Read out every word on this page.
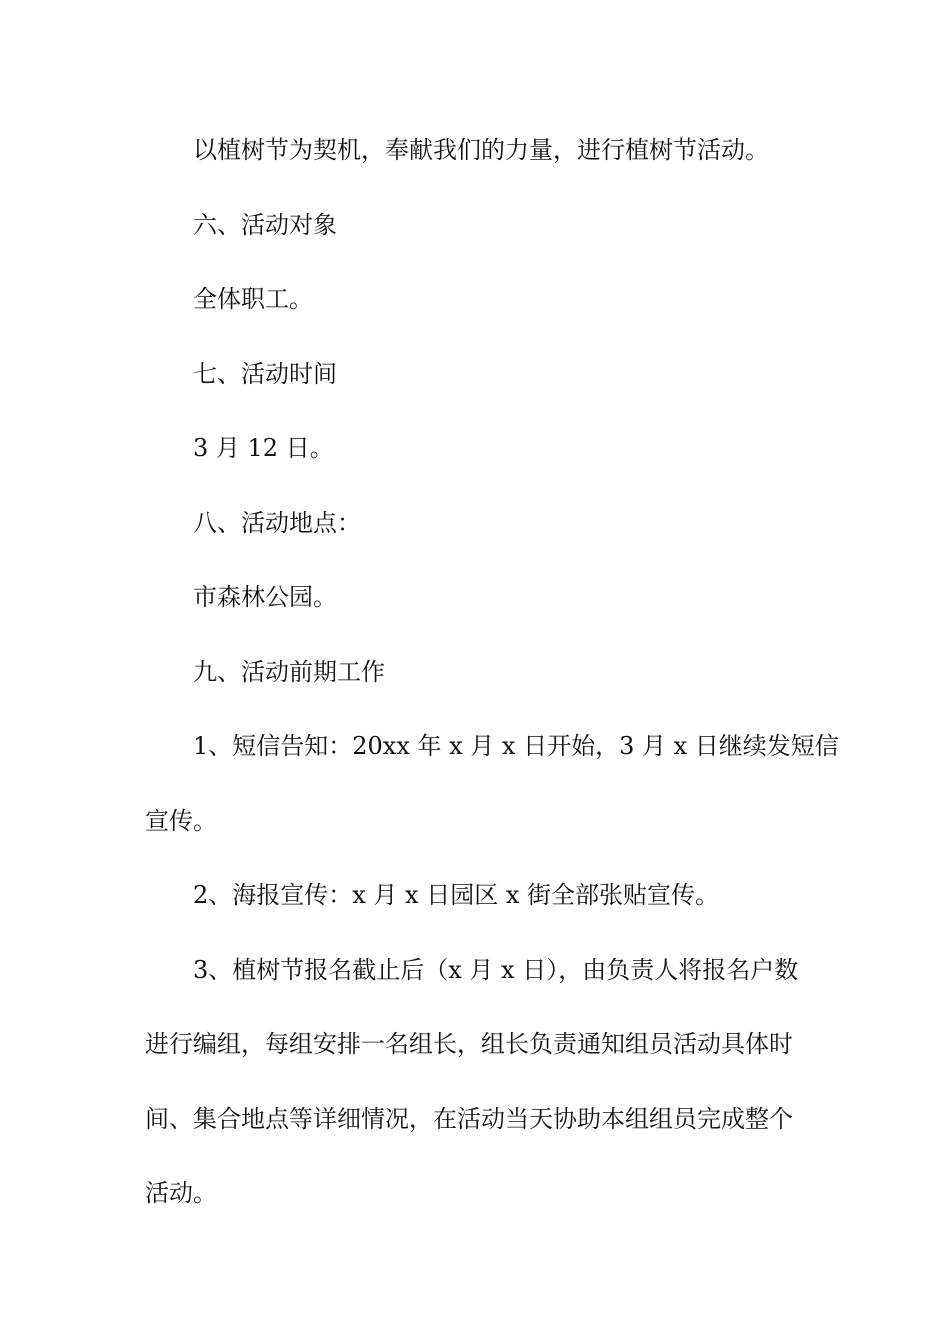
以植树节为契机，奉献我们的力量，进行植树节活动。

六、活动对象

全体职工。

七、活动时间

3 月 12 日。

八、活动地点：

市森林公园。

九、活动前期工作

1、短信告知：20xx 年 x 月 x 日开始，3 月 x 日继续发短信
宣传。

2、海报宣传：x 月 x 日园区 x 街全部张贴宣传。

3、植树节报名截止后（x 月 x 日），由负责人将报名户数
进行编组，每组安排一名组长，组长负责通知组员活动具体时
间、集合地点等详细情况，在活动当天协助本组组员完成整个
活动。
